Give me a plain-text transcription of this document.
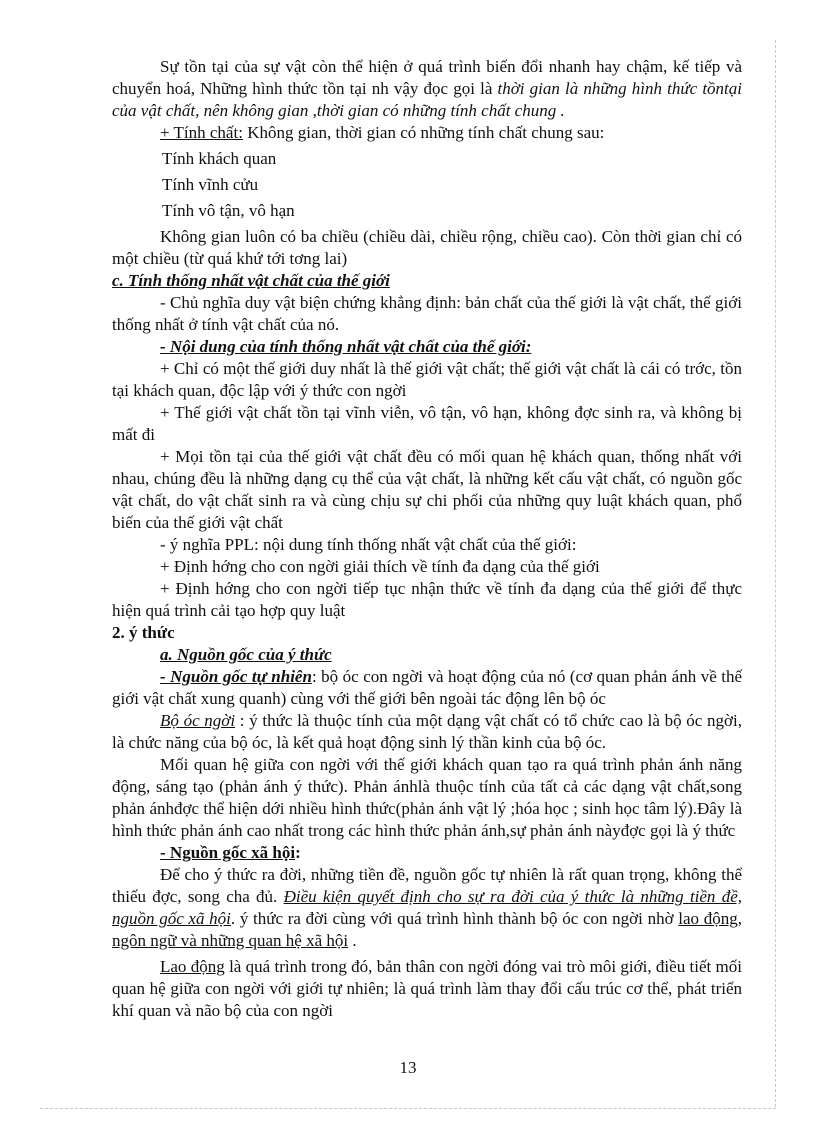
Sự tồn tại của sự vật còn thể hiện ở quá trình biến đổi nhanh hay chậm, kế tiếp và chuyển hoá, Những hình thức tồn tại nh vậy đọc gọi là thời gian là những hình thức tồntại của vật chất, nên không gian ,thời gian có những tính chất chung .

+ Tính chất: Không gian, thời gian có những tính chất chung sau:

Tính khách quan

Tính vĩnh cửu

Tính vô tận, vô hạn

Không gian luôn có ba chiều (chiều dài, chiều rộng, chiều cao). Còn thời gian chỉ có một chiều (từ quá khứ tới tơng lai)

c. Tính thống nhất vật chất của thế giới

- Chủ nghĩa duy vật biện chứng khẳng định: bản chất của thế giới là vật chất, thế giới thống nhất ở tính vật chất của nó.

- Nội dung của tính thống nhất vật chất của thế giới:

+ Chỉ có một thế giới duy nhất là thế giới vật chất; thế giới vật chất là cái có trớc, tồn tại khách quan, độc lập với ý thức con ngời

+ Thế giới vật chất tồn tại vĩnh viễn, vô tận, vô hạn, không đợc sinh ra, và không bị mất đi

+ Mọi tồn tại của thế giới vật chất đều có mối quan hệ khách quan, thống nhất với nhau, chúng đều là những dạng cụ thể của vật chất, là những kết cấu vật chất, có nguồn gốc vật chất, do vật chất sinh ra và cùng chịu sự chi phối của những quy luật khách quan, phổ biến của thế giới vật chất

- ý nghĩa PPL: nội dung tính thống nhất vật chất của thế giới:

+ Định hớng cho con ngời giải thích về tính đa dạng của thế giới

+ Định hớng cho con ngời tiếp tục nhận thức về tính đa dạng của thế giới để thực hiện quá trình cải tạo hợp quy luật

2. ý thức

a. Nguồn gốc của ý thức

- Nguồn gốc tự nhiên: bộ óc con ngời và hoạt động của nó (cơ quan phản ánh về thế giới vật chất xung quanh) cùng với thế giới bên ngoài tác động lên bộ óc

Bộ óc ngời : ý thức là thuộc tính của một dạng vật chất có tổ chức cao là bộ óc ngời, là chức năng của bộ óc, là kết quả hoạt động sinh lý thần kinh của bộ óc.

Mối quan hệ giữa con ngời với thế giới khách quan tạo ra quá trình phản ánh năng động, sáng tạo (phản ánh ý thức). Phản ánhlà thuộc tính của tất cả các dạng vật chất,song phản ánhđợc thể hiện dới nhiều hình thức(phản ánh vật lý ;hóa học ; sinh học tâm lý).Đây là hình thức phản ánh cao nhất trong các hình thức phản ánh,sự phản ánh nàyđợc gọi là ý thức

- Nguồn gốc xã hội:

Để cho ý thức ra đời, những tiền đề, nguồn gốc tự nhiên là rất quan trọng, không thể thiếu đợc, song cha đủ. Điều kiện quyết định cho sự ra đời của ý thức là những tiền đề, nguồn gốc xã hội. ý thức ra đời cùng với quá trình hình thành bộ óc con ngời nhờ lao động, ngôn ngữ và những quan hệ xã hội .

Lao động là quá trình trong đó, bản thân con ngời đóng vai trò môi giới, điều tiết mối quan hệ giữa con ngời với giới tự nhiên; là quá trình làm thay đổi cấu trúc cơ thể, phát triển khí quan và não bộ của con ngời

13
